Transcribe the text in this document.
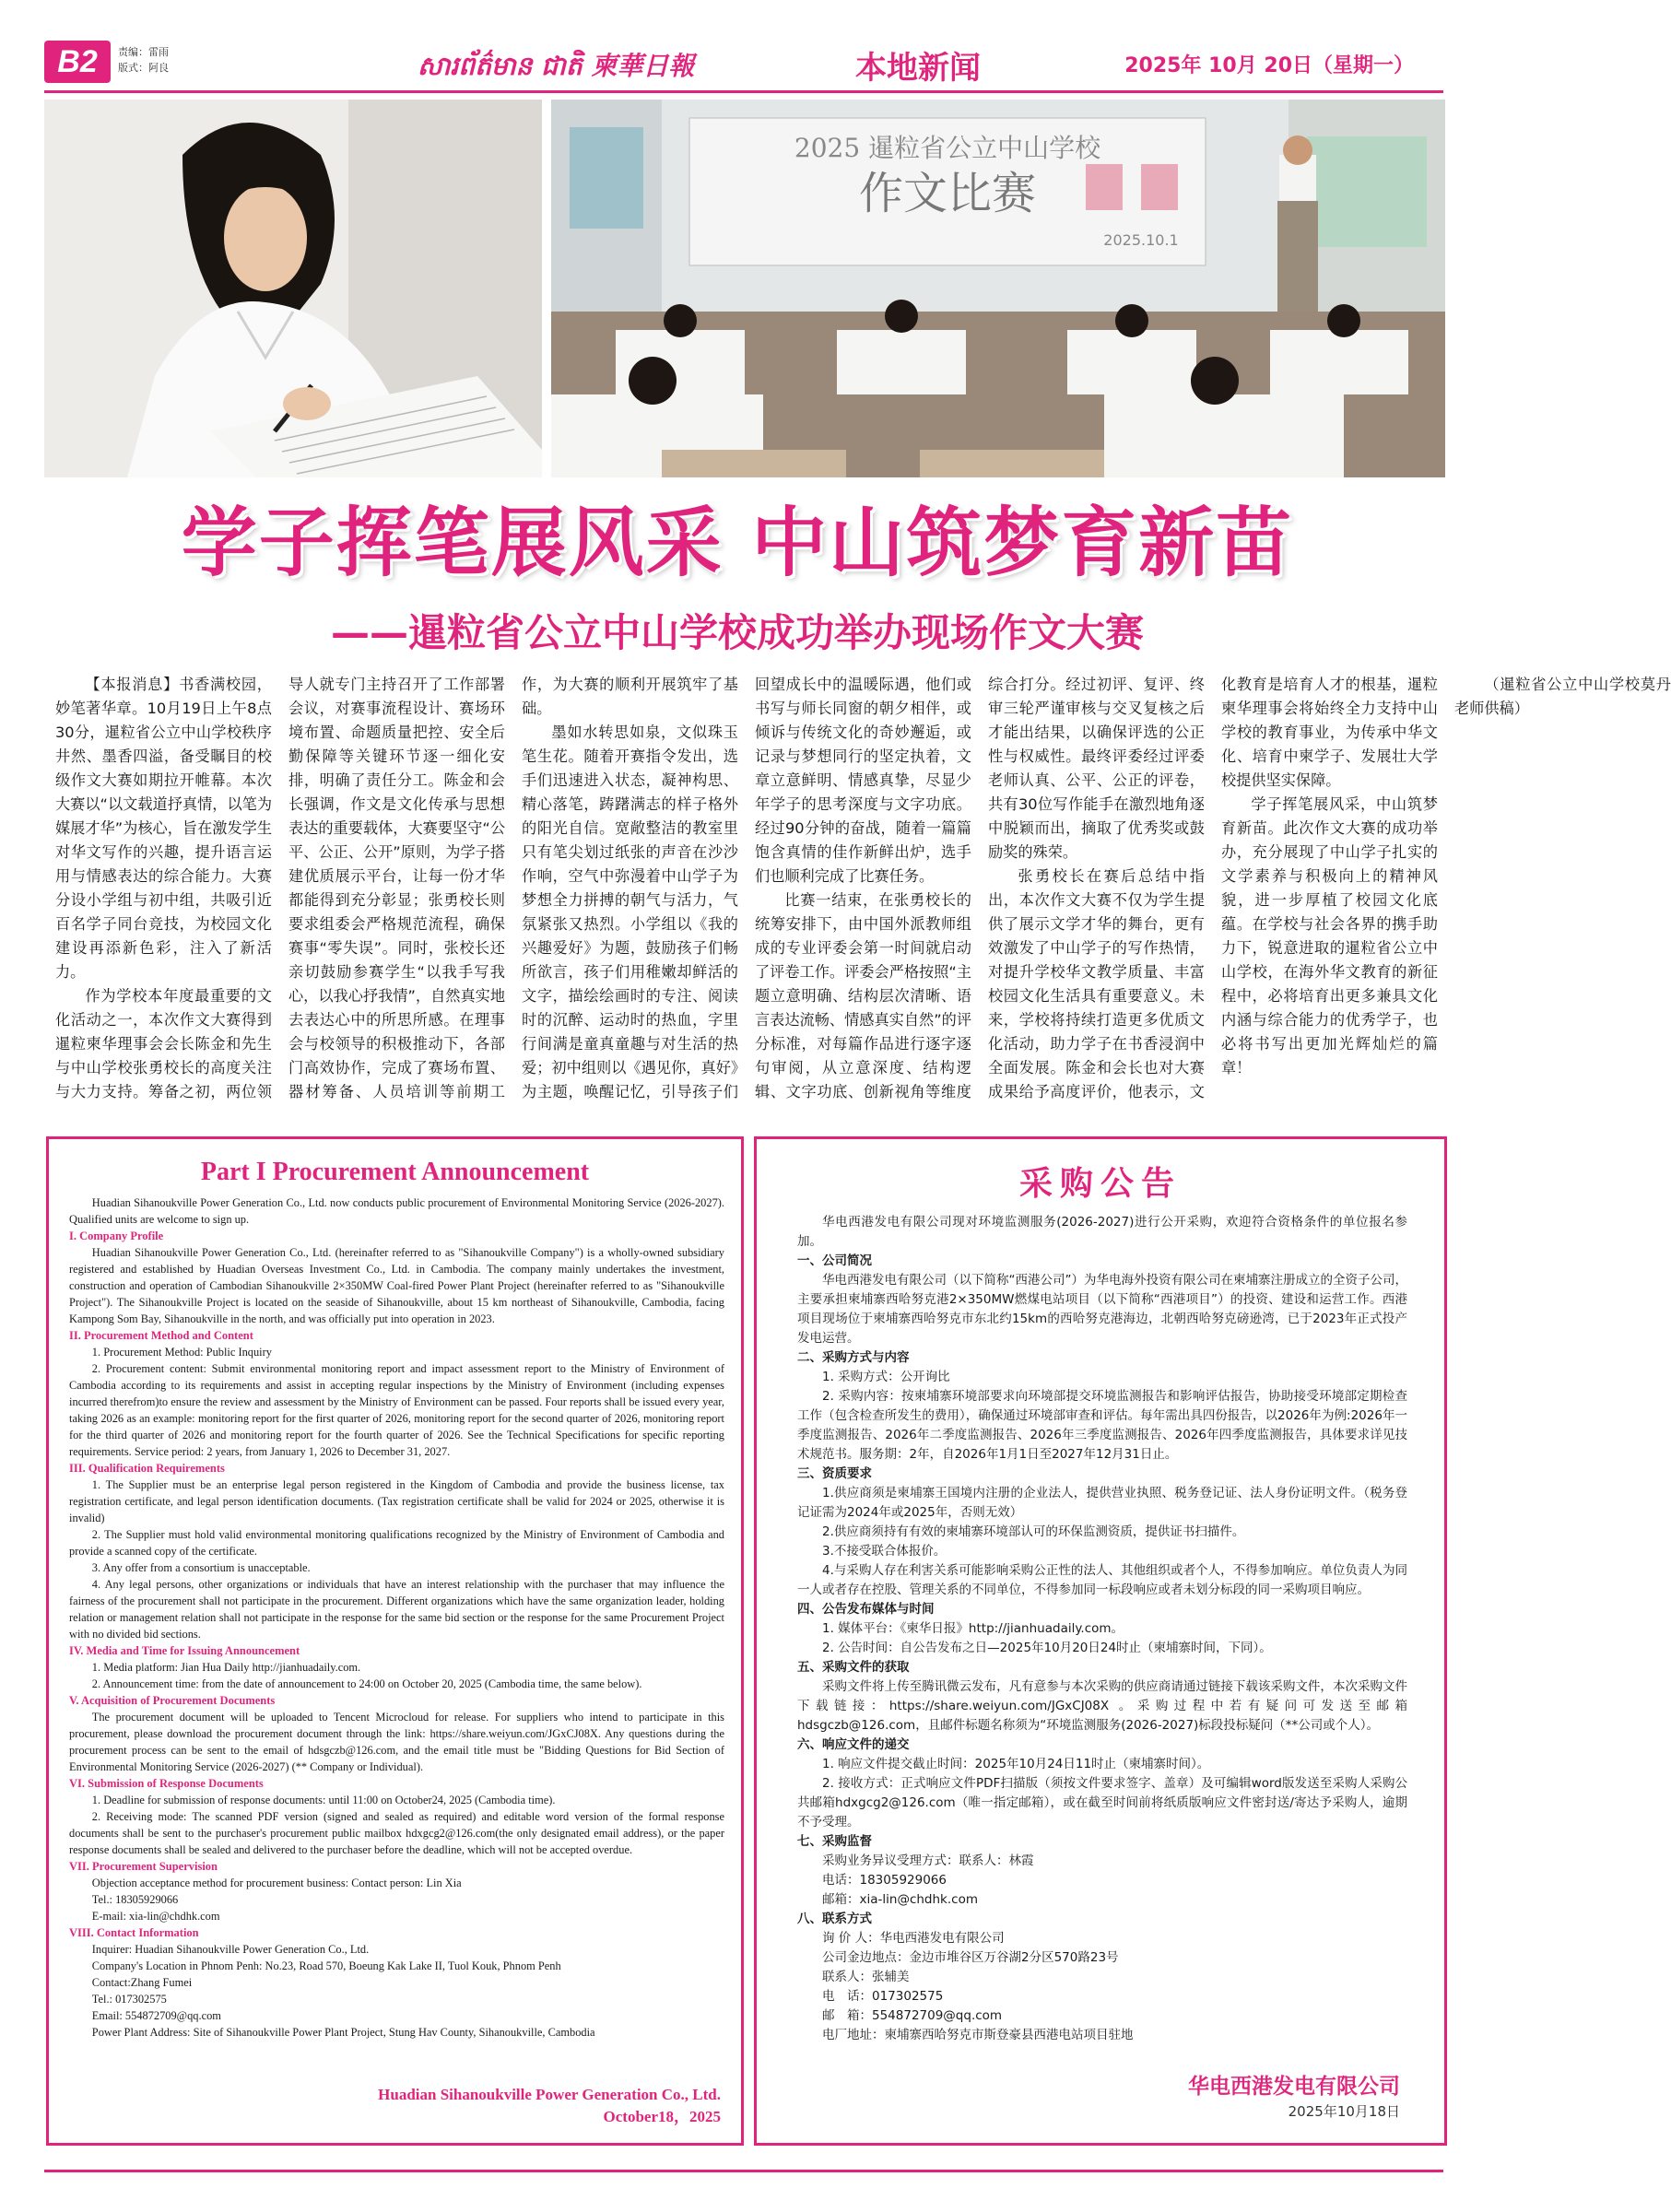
B2	责编：雷雨
版式：阿良	សារព័ត៌មាន ជាតិ 柬華日報	本地新闻	2025年 10月 20日（星期一）
2025 暹粒省公立中山学校
作文比赛
2025.10.1
学子挥笔展风采 中山筑梦育新苗
——暹粒省公立中山学校成功举办现场作文大赛

【本报消息】书香满校园，妙笔著华章。10月19日上午8点30分，暹粒省公立中山学校秩序井然、墨香四溢，备受瞩目的校级作文大赛如期拉开帷幕。本次大赛以“以文载道抒真情，以笔为媒展才华”为核心，旨在激发学生对华文写作的兴趣，提升语言运用与情感表达的综合能力。大赛分设小学组与初中组，共吸引近百名学子同台竞技，为校园文化建设再添新色彩，注入了新活力。

作为学校本年度最重要的文化活动之一，本次作文大赛得到暹粒柬华理事会会长陈金和先生与中山学校张勇校长的高度关注与大力支持。筹备之初，两位领导人就专门主持召开了工作部署会议，对赛事流程设计、赛场环境布置、命题质量把控、安全后勤保障等关键环节逐一细化安排，明确了责任分工。陈金和会长强调，作文是文化传承与思想表达的重要载体，大赛要坚守“公平、公正、公开”原则，为学子搭建优质展示平台，让每一份才华都能得到充分彰显；张勇校长则要求组委会严格规范流程，确保赛事“零失误”。同时，张校长还亲切鼓励参赛学生“以我手写我心，以我心抒我情”，自然真实地去表达心中的所思所感。在理事会与校领导的积极推动下，各部门高效协作，完成了赛场布置、器材筹备、人员培训等前期工作，为大赛的顺利开展筑牢了基础。

墨如水转思如泉，文似珠玉笔生花。随着开赛指令发出，选手们迅速进入状态，凝神构思、精心落笔，踌躇满志的样子格外的阳光自信。宽敞整洁的教室里只有笔尖划过纸张的声音在沙沙作响，空气中弥漫着中山学子为梦想全力拼搏的朝气与活力，气氛紧张又热烈。小学组以《我的兴趣爱好》为题，鼓励孩子们畅所欲言，孩子们用稚嫩却鲜活的文字，描绘绘画时的专注、阅读时的沉醉、运动时的热血，字里行间满是童真童趣与对生活的热爱；初中组则以《遇见你，真好》为主题，唤醒记忆，引导孩子们回望成长中的温暖际遇，他们或书写与师长同窗的朝夕相伴，或倾诉与传统文化的奇妙邂逅，或记录与梦想同行的坚定执着，文章立意鲜明、情感真挚，尽显少年学子的思考深度与文字功底。经过90分钟的奋战，随着一篇篇饱含真情的佳作新鲜出炉，选手们也顺利完成了比赛任务。

比赛一结束，在张勇校长的统筹安排下，由中国外派教师组成的专业评委会第一时间就启动了评卷工作。评委会严格按照“主题立意明确、结构层次清晰、语言表达流畅、情感真实自然”的评分标准，对每篇作品进行逐字逐句审阅，从立意深度、结构逻辑、文字功底、创新视角等维度综合打分。经过初评、复评、终审三轮严谨审核与交叉复核之后才能出结果，以确保评选的公正性与权威性。最终评委经过评委老师认真、公平、公正的评卷，共有30位写作能手在激烈地角逐中脱颖而出，摘取了优秀奖或鼓励奖的殊荣。

张勇校长在赛后总结中指出，本次作文大赛不仅为学生提供了展示文学才华的舞台，更有效激发了中山学子的写作热情，对提升学校华文教学质量、丰富校园文化生活具有重要意义。未来，学校将持续打造更多优质文化活动，助力学子在书香浸润中全面发展。陈金和会长也对大赛成果给予高度评价，他表示，文化教育是培育人才的根基，暹粒柬华理事会将始终全力支持中山学校的教育事业，为传承中华文化、培育中柬学子、发展壮大学校提供坚实保障。

学子挥笔展风采，中山筑梦育新苗。此次作文大赛的成功举办，充分展现了中山学子扎实的文学素养与积极向上的精神风貌，进一步厚植了校园文化底蕴。在学校与社会各界的携手助力下，锐意进取的暹粒省公立中山学校，在海外华文教育的新征程中，必将培育出更多兼具文化内涵与综合能力的优秀学子，也必将书写出更加光辉灿烂的篇章！

（暹粒省公立中山学校莫丹老师供稿）

Part I Procurement Announcement

Huadian Sihanoukville Power Generation Co., Ltd. now conducts public procurement of Environmental Monitoring Service (2026-2027). Qualified units are welcome to sign up.

I. Company Profile

Huadian Sihanoukville Power Generation Co., Ltd. (hereinafter referred to as "Sihanoukville Company") is a wholly-owned subsidiary registered and established by Huadian Overseas Investment Co., Ltd. in Cambodia. The company mainly undertakes the investment, construction and operation of Cambodian Sihanoukville 2×350MW Coal-fired Power Plant Project (hereinafter referred to as "Sihanoukville Project"). The Sihanoukville Project is located on the seaside of Sihanoukville, about 15 km northeast of Sihanoukville, Cambodia, facing Kampong Som Bay, Sihanoukville in the north, and was officially put into operation in 2023.

II. Procurement Method and Content

1. Procurement Method: Public Inquiry

2. Procurement content: Submit environmental monitoring report and impact assessment report to the Ministry of Environment of Cambodia according to its requirements and assist in accepting regular inspections by the Ministry of Environment (including expenses incurred therefrom)to ensure the review and assessment by the Ministry of Environment can be passed. Four reports shall be issued every year, taking 2026 as an example: monitoring report for the first quarter of 2026, monitoring report for the second quarter of 2026, monitoring report for the third quarter of 2026 and monitoring report for the fourth quarter of 2026. See the Technical Specifications for specific reporting requirements. Service period: 2 years, from January 1, 2026 to December 31, 2027.

III. Qualification Requirements

1. The Supplier must be an enterprise legal person registered in the Kingdom of Cambodia and provide the business license, tax registration certificate, and legal person identification documents. (Tax registration certificate shall be valid for 2024 or 2025, otherwise it is invalid)

2. The Supplier must hold valid environmental monitoring qualifications recognized by the Ministry of Environment of Cambodia and provide a scanned copy of the certificate.

3. Any offer from a consortium is unacceptable.

4. Any legal persons, other organizations or individuals that have an interest relationship with the purchaser that may influence the fairness of the procurement shall not participate in the procurement. Different organizations which have the same organization leader, holding relation or management relation shall not participate in the response for the same bid section or the response for the same Procurement Project with no divided bid sections.

IV. Media and Time for Issuing Announcement

1. Media platform: Jian Hua Daily http://jianhuadaily.com.

2. Announcement time: from the date of announcement to 24:00 on October 20, 2025 (Cambodia time, the same below).

V. Acquisition of Procurement Documents

The procurement document will be uploaded to Tencent Microcloud for release. For suppliers who intend to participate in this procurement, please download the procurement document through the link: https://share.weiyun.com/JGxCJ08X. Any questions during the procurement process can be sent to the email of hdsgczb@126.com, and the email title must be "Bidding Questions for Bid Section of Environmental Monitoring Service (2026-2027) (** Company or Individual).

VI. Submission of Response Documents

1. Deadline for submission of response documents: until 11:00 on October24, 2025 (Cambodia time).

2. Receiving mode: The scanned PDF version (signed and sealed as required) and editable word version of the formal response documents shall be sent to the purchaser's procurement public mailbox hdxgcg2@126.com(the only designated email address), or the paper response documents shall be sealed and delivered to the purchaser before the deadline, which will not be accepted overdue.

VII. Procurement Supervision

Objection acceptance method for procurement business: Contact person: Lin Xia

Tel.: 18305929066

E-mail: xia-lin@chdhk.com

VIII. Contact Information

Inquirer: Huadian Sihanoukville Power Generation Co., Ltd.

Company's Location in Phnom Penh: No.23, Road 570, Boeung Kak Lake II, Tuol Kouk, Phnom Penh

Contact:Zhang Fumei

Tel.: 017302575

Email: 554872709@qq.com

Power Plant Address: Site of Sihanoukville Power Plant Project, Stung Hav County, Sihanoukville, Cambodia

Huadian Sihanoukville Power Generation Co., Ltd.
October18，2025
采购公告

华电西港发电有限公司现对环境监测服务(2026-2027)进行公开采购，欢迎符合资格条件的单位报名参加。

一、公司简况

华电西港发电有限公司（以下简称“西港公司”）为华电海外投资有限公司在柬埔寨注册成立的全资子公司，主要承担柬埔寨西哈努克港2×350MW燃煤电站项目（以下简称“西港项目”）的投资、建设和运营工作。西港项目现场位于柬埔寨西哈努克市东北约15km的西哈努克港海边，北朝西哈努克磅逊湾，已于2023年正式投产发电运营。

二、采购方式与内容

1. 采购方式：公开询比

2. 采购内容：按柬埔寨环境部要求向环境部提交环境监测报告和影响评估报告，协助接受环境部定期检查工作（包含检查所发生的费用），确保通过环境部审查和评估。每年需出具四份报告，以2026年为例:2026年一季度监测报告、2026年二季度监测报告、2026年三季度监测报告、2026年四季度监测报告，具体要求详见技术规范书。服务期：2年，自2026年1月1日至2027年12月31日止。

三、资质要求

1.供应商须是柬埔寨王国境内注册的企业法人，提供营业执照、税务登记证、法人身份证明文件。（税务登记证需为2024年或2025年，否则无效）

2.供应商须持有有效的柬埔寨环境部认可的环保监测资质，提供证书扫描件。

3.不接受联合体报价。

4.与采购人存在利害关系可能影响采购公正性的法人、其他组织或者个人，不得参加响应。单位负责人为同一人或者存在控股、管理关系的不同单位，不得参加同一标段响应或者未划分标段的同一采购项目响应。

四、公告发布媒体与时间

1. 媒体平台：《柬华日报》http://jianhuadaily.com。

2. 公告时间：自公告发布之日—2025年10月20日24时止（柬埔寨时间，下同）。

五、采购文件的获取

采购文件将上传至腾讯微云发布，凡有意参与本次采购的供应商请通过链接下载该采购文件，本次采购文件下载链接：https://share.weiyun.com/JGxCJ08X 。采购过程中若有疑问可发送至邮箱hdsgczb@126.com，且邮件标题名称须为“环境监测服务(2026-2027)标段投标疑问（**公司或个人）。

六、响应文件的递交

1. 响应文件提交截止时间：2025年10月24日11时止（柬埔寨时间）。

2. 接收方式：正式响应文件PDF扫描版（须按文件要求签字、盖章）及可编辑word版发送至采购人采购公共邮箱hdxgcg2@126.com（唯一指定邮箱），或在截至时间前将纸质版响应文件密封送/寄达予采购人，逾期不予受理。

七、采购监督

采购业务异议受理方式：联系人：林霞

电话：18305929066

邮箱：xia-lin@chdhk.com

八、联系方式

询 价 人：华电西港发电有限公司

公司金边地点：金边市堆谷区万谷湖2分区570路23号

联系人：张辅美

电　话：017302575

邮　箱：554872709@qq.com

电厂地址：柬埔寨西哈努克市斯登豪县西港电站项目驻地

华电西港发电有限公司
2025年10月18日
